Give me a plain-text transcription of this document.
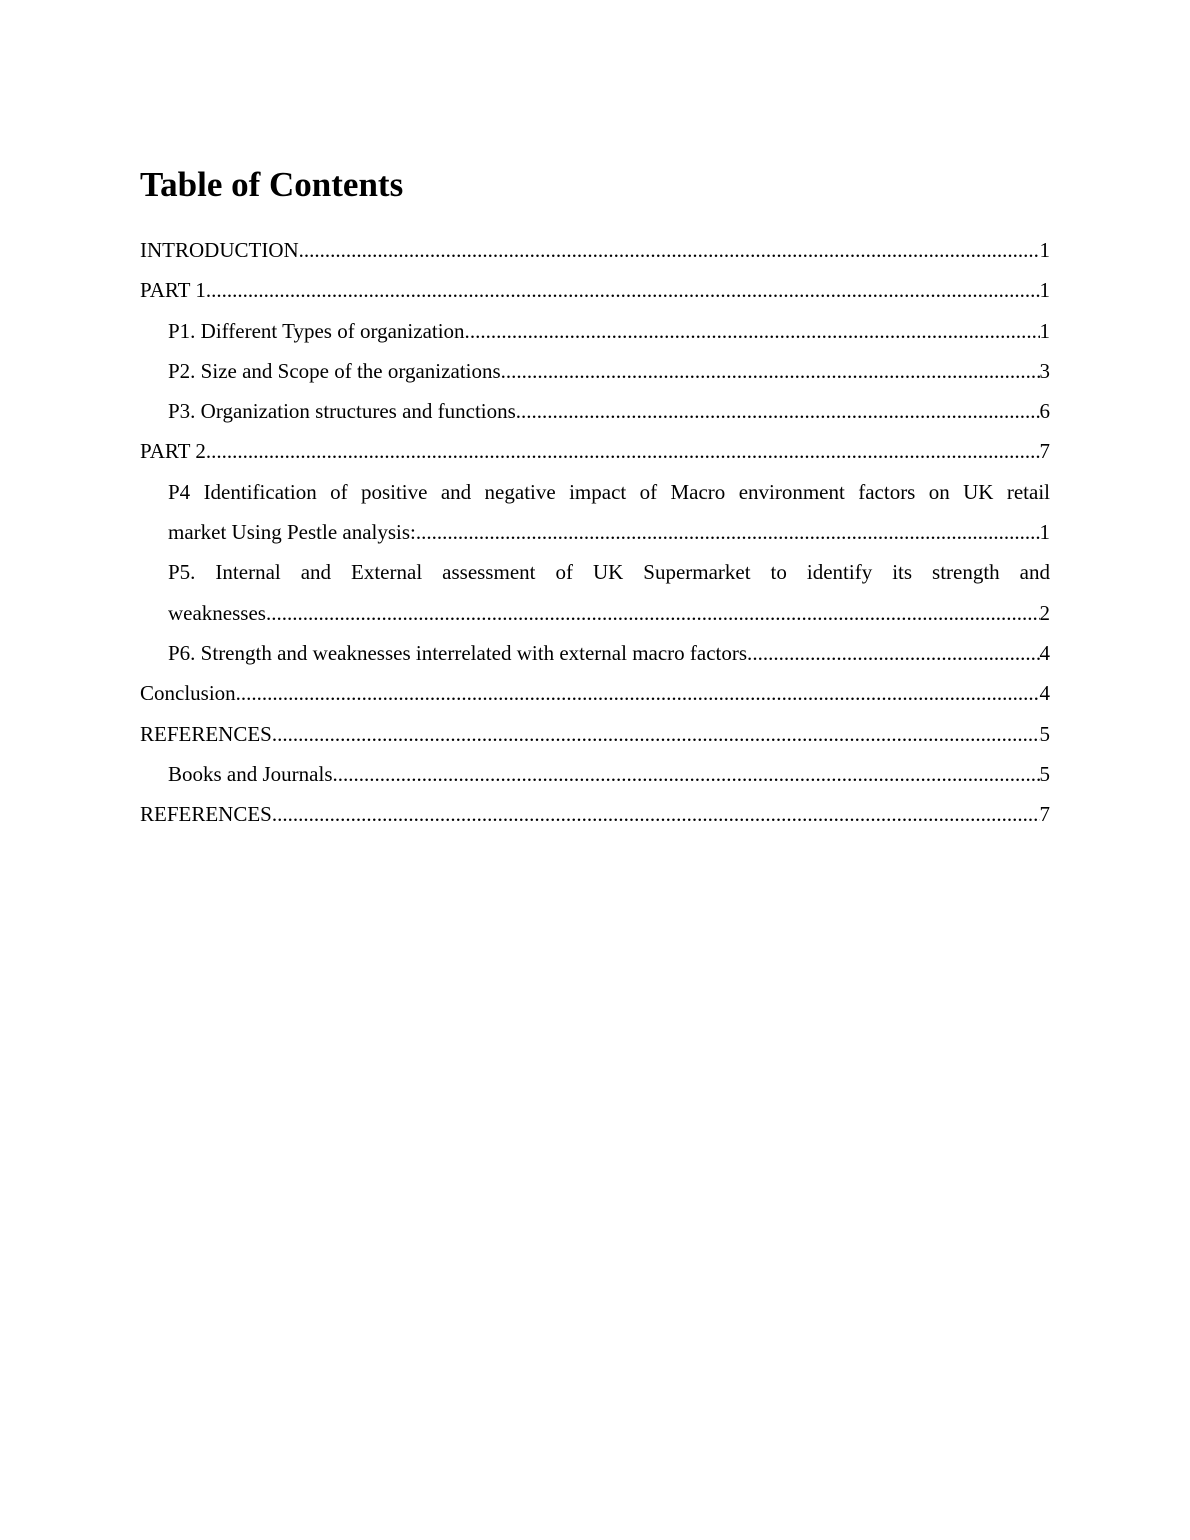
Table of Contents
INTRODUCTION .....	1
PART 1 .....	1
P1. Different Types of organization. .....	1
P2. Size and Scope of the organizations. .....	3
P3. Organization structures and functions .....	6
PART 2 .....	7
P4 Identification of positive and negative impact of Macro environment factors on UK retail
market Using Pestle analysis: .....	1
P5. Internal and External assessment of UK Supermarket to identify its strength and
weaknesses. .....	2
P6. Strength and weaknesses interrelated with external macro factors. .....	4
Conclusion .....	4
REFERENCES .....	5
Books and Journals .....	5
REFERENCES .....	7
